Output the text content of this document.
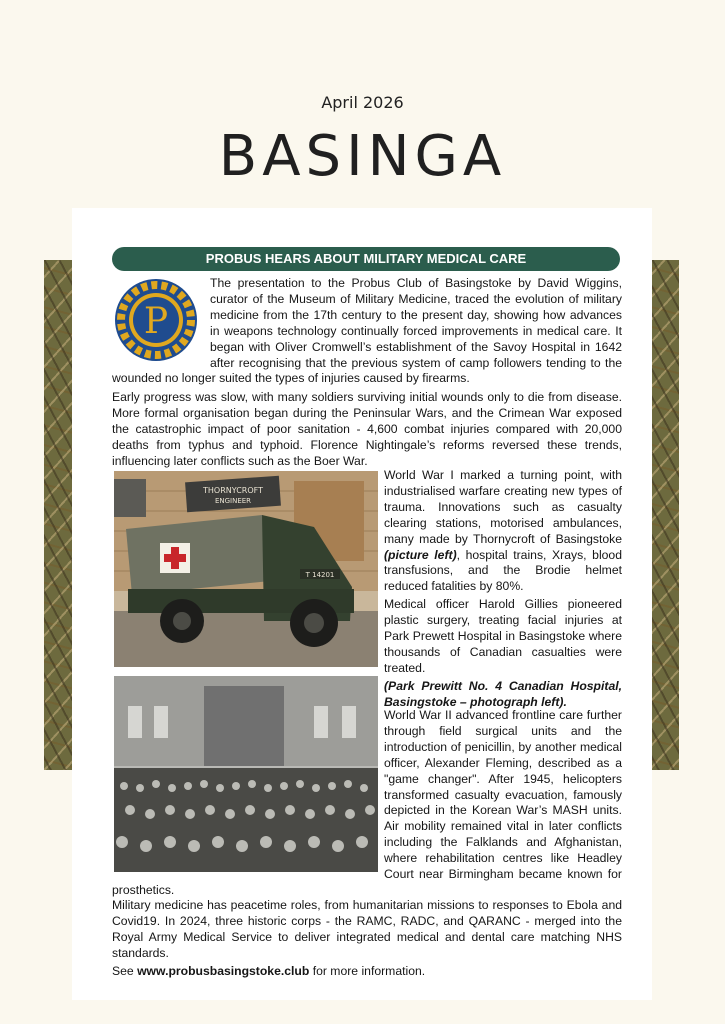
April 2026
BASINGA
PROBUS HEARS ABOUT MILITARY MEDICAL CARE
P

The presentation to the Probus Club of Basingstoke by David Wiggins, curator of the Museum of Military Medicine, traced the evolution of military medicine from the 17th century to the present day, showing how advances in weapons technology continually forced improvements in medical care. It began with Oliver Cromwell’s establishment of the Savoy Hospital in 1642 after recognising that the previous system of camp followers tending to the wounded no longer suited the types of injuries caused by firearms.

Early progress was slow, with many soldiers surviving initial wounds only to die from disease. More formal organisation began during the Peninsular Wars, and the Crimean War exposed the catastrophic impact of poor sanitation - 4,600 combat injuries compared with 20,000 deaths from typhus and typhoid. Florence Nightingale’s reforms reversed these trends, influencing later conflicts such as the Boer War.

THORNYCROFT
ENGINEER
T 14201

World War I marked a turning point, with industrialised warfare creating new types of trauma. Innovations such as casualty clearing stations, motorised ambulances, many made by Thornycroft of Basingstoke (picture left), hospital trains, Xrays, blood transfusions, and the Brodie helmet reduced fatalities by 80%.

Medical officer Harold Gillies pioneered plastic surgery, treating facial injuries at Park Prewett Hospital in Basingstoke where thousands of Canadian casualties were treated.

(Park Prewitt No. 4 Canadian Hospital, Basingstoke – photograph left).

World War II advanced frontline care further through field surgical units and the introduction of penicillin, by another medical officer, Alexander Fleming, described as a "game changer". After 1945, helicopters transformed casualty evacuation, famously depicted in the Korean War’s MASH units. Air mobility remained vital in later conflicts including the Falklands and Afghanistan, where rehabilitation centres like Headley Court near Birmingham became known for prosthetics.

Military medicine has peacetime roles, from humanitarian missions to responses to Ebola and Covid19. In 2024, three historic corps - the RAMC, RADC, and QARANC - merged into the Royal Army Medical Service to deliver integrated medical and dental care matching NHS standards.

See www.probusbasingstoke.club for more information.
